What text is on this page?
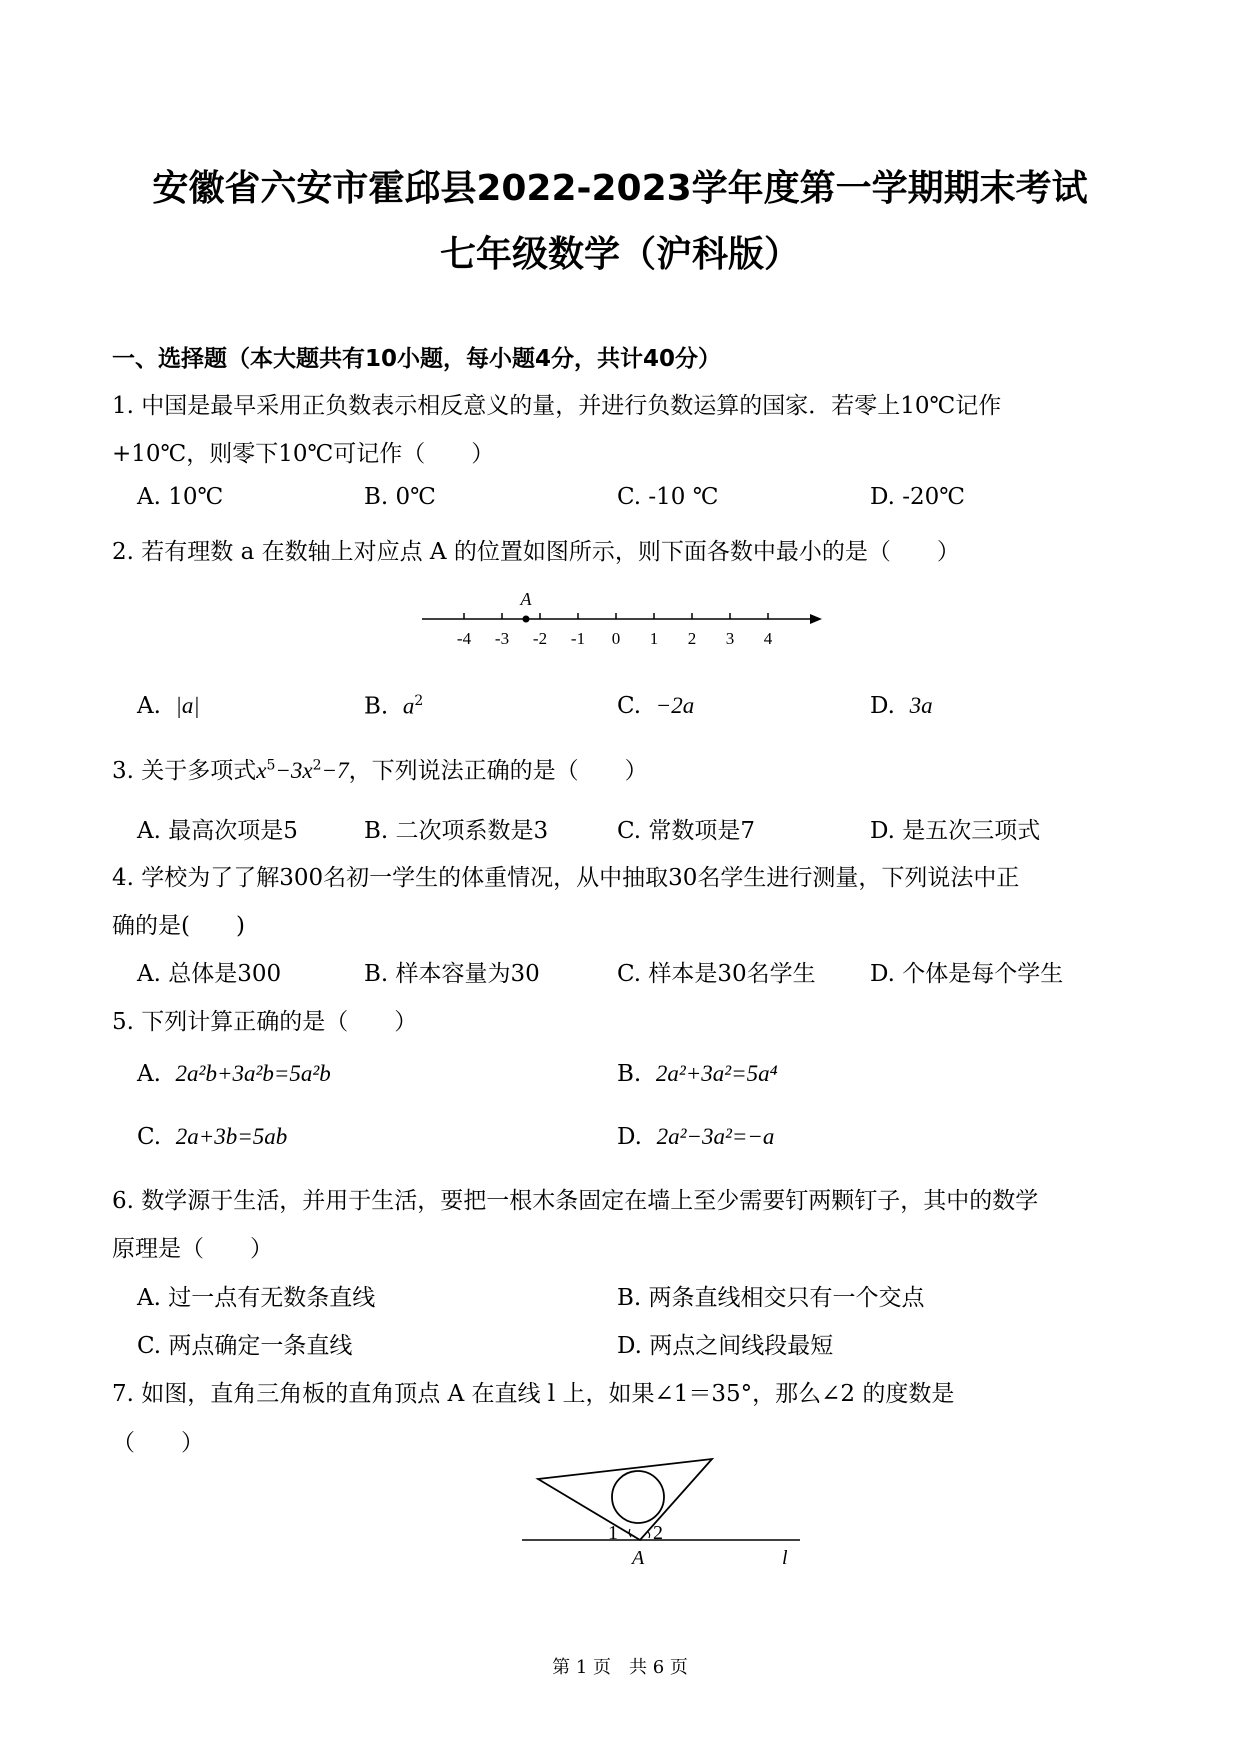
安徽省六安市霍邱县2022-2023学年度第一学期期末考试
七年级数学（沪科版）
一、选择题（本大题共有10小题，每小题4分，共计40分）
1. 中国是最早采用正负数表示相反意义的量，并进行负数运算的国家．若零上10℃记作
+10℃，则零下10℃可记作（　　）
A. 10℃	B. 0℃	C. -10 ℃	D. -20℃
2. 若有理数 a 在数轴上对应点 A 的位置如图所示，则下面各数中最小的是（　　）
A
-4 -3 -2 -1 0 1 2 3 4
A. |a|	B. $a^2$	C. −2a	D. 3a
3. 关于多项式$x^5-3x^2-7$，下列说法正确的是（　　）
A. 最高次项是5	B. 二次项系数是3	C. 常数项是7	D. 是五次三项式
4. 学校为了了解300名初一学生的体重情况，从中抽取30名学生进行测量，下列说法中正
确的是(　　)
A. 总体是300	B. 样本容量为30	C. 样本是30名学生 D. 个体是每个学生
5. 下列计算正确的是（　　）
A. 2a²b+3a²b=5a²b	B. 2a²+3a²=5a⁴
C. 2a+3b=5ab	D. 2a²−3a²=−a
6. 数学源于生活，并用于生活，要把一根木条固定在墙上至少需要钉两颗钉子，其中的数学
原理是（　　）
A. 过一点有无数条直线	B. 两条直线相交只有一个交点
C. 两点确定一条直线	D. 两点之间线段最短
7. 如图，直角三角板的直角顶点 A 在直线 l 上，如果∠1＝35°，那么∠2 的度数是
（　　）
1 2
A	l
第 1 页　共 6 页
